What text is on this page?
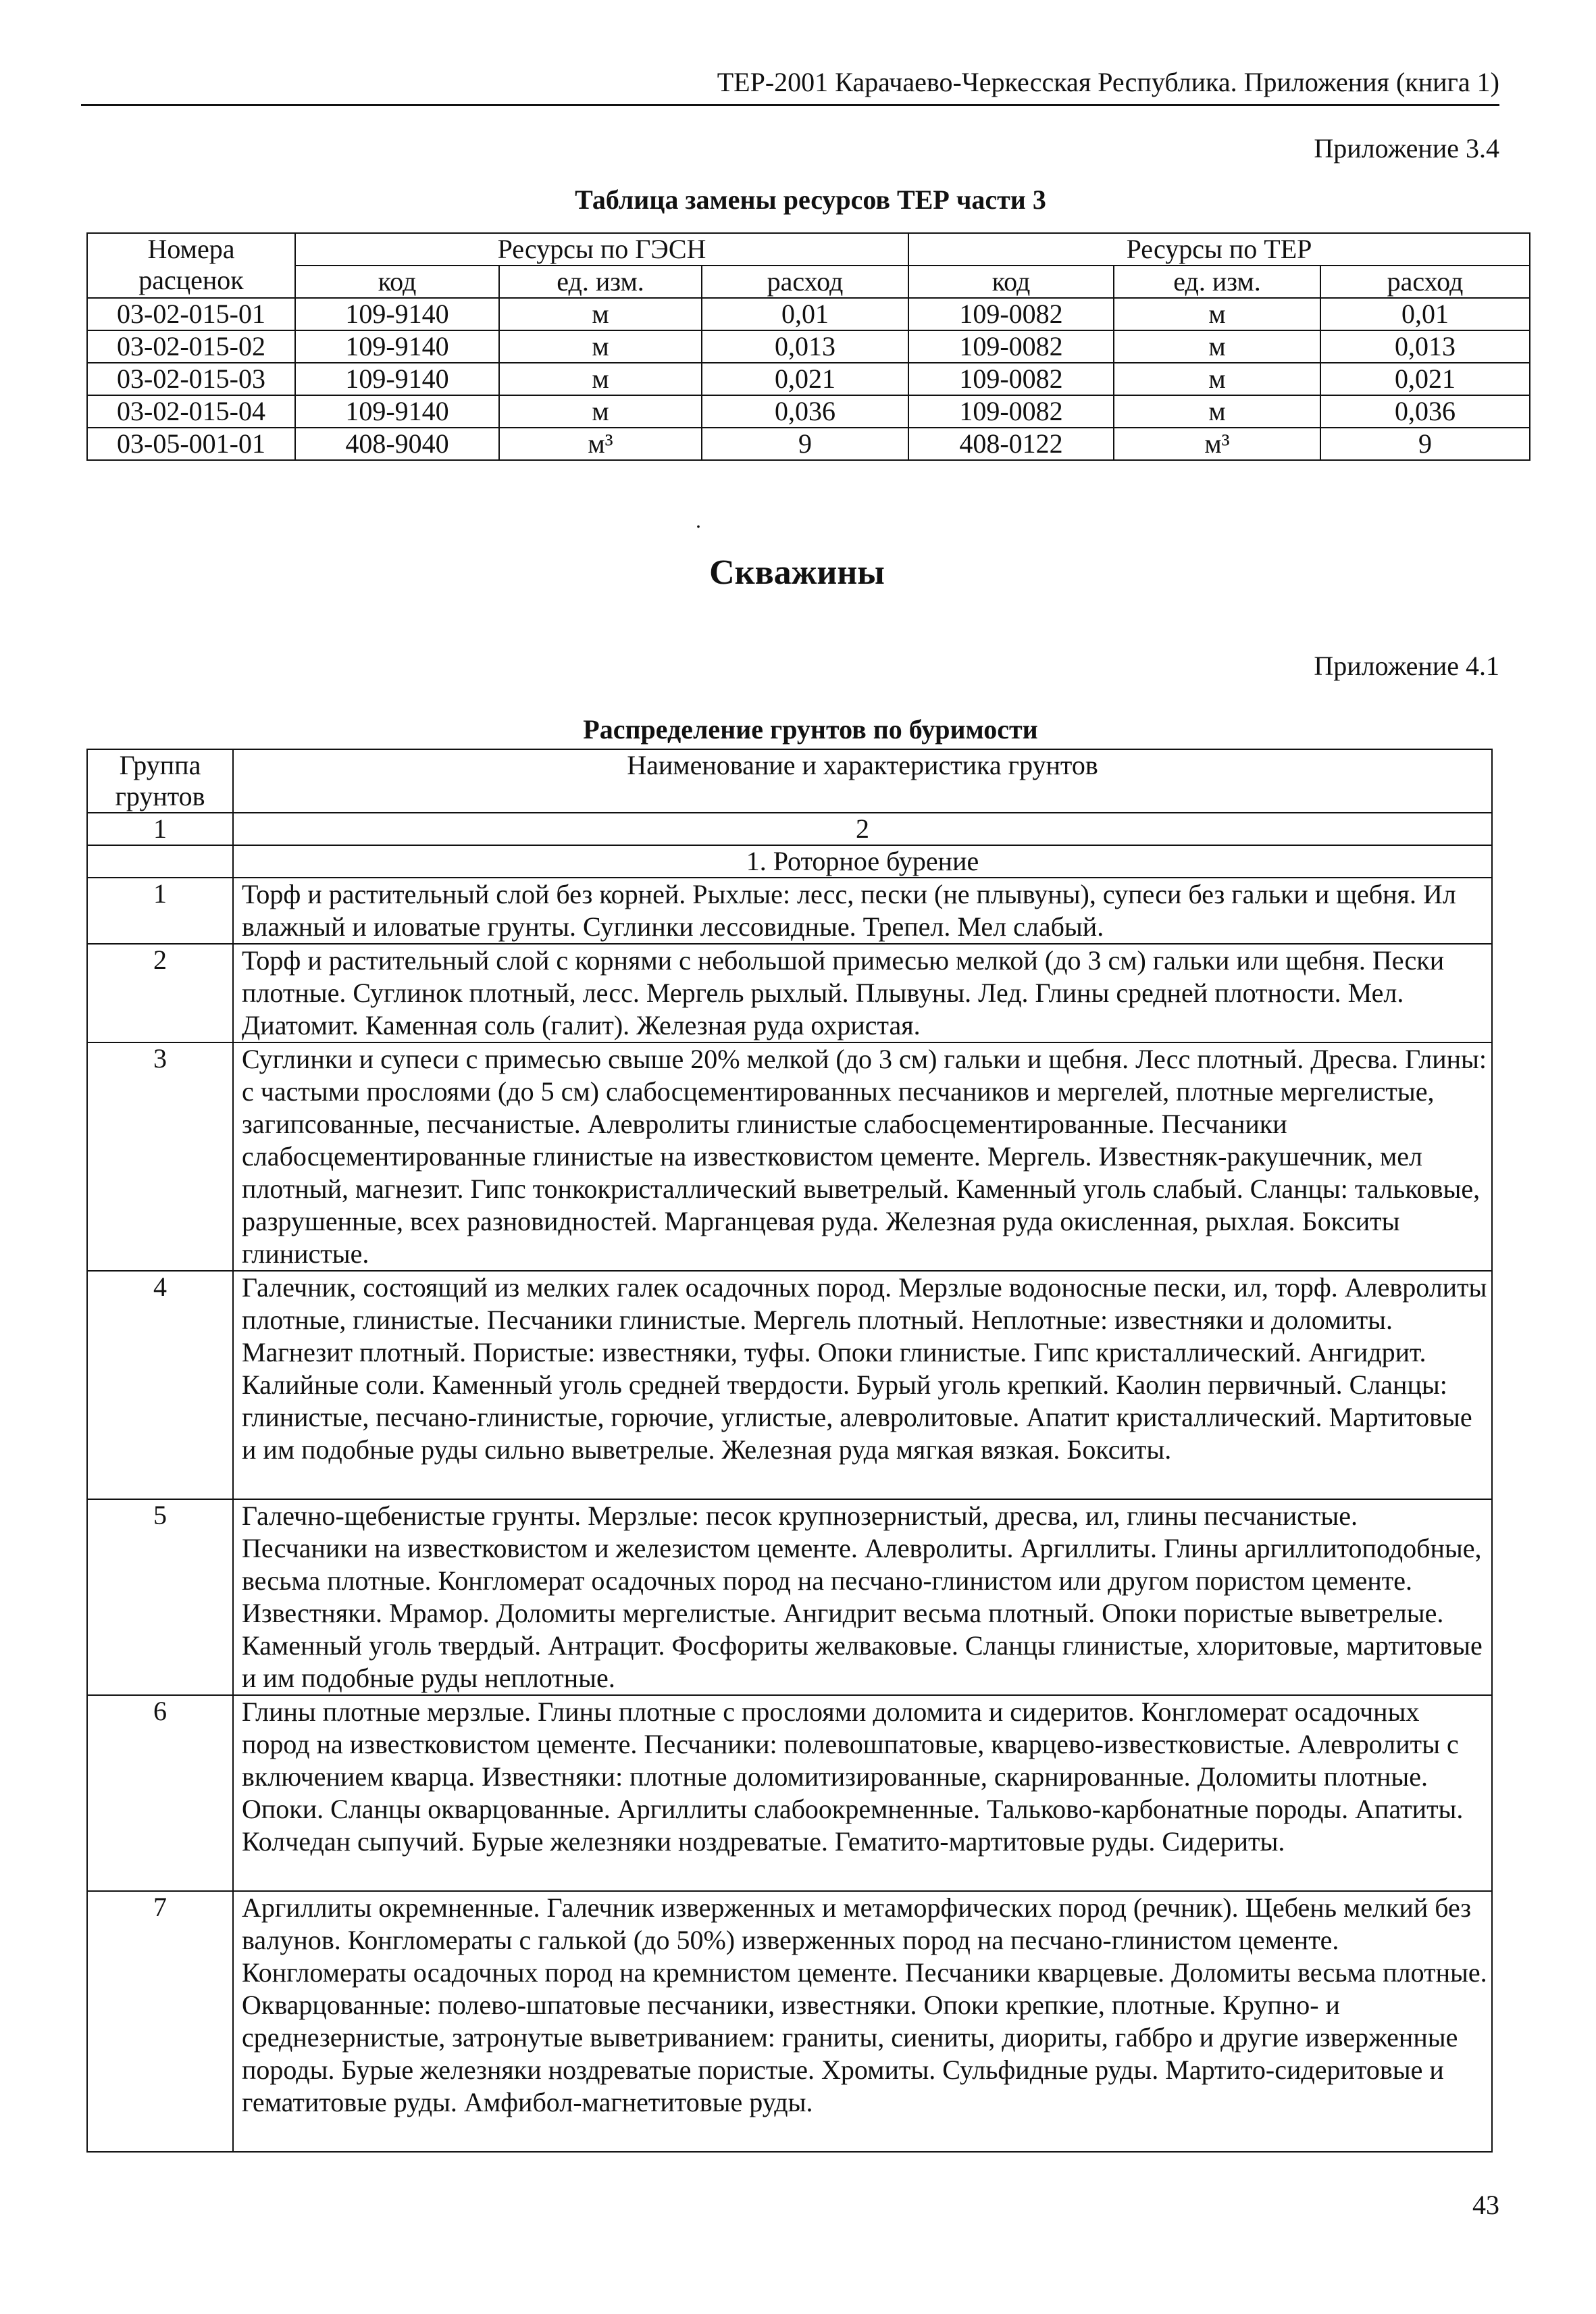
ТЕР-2001 Карачаево-Черкесская Республика. Приложения (книга 1)
Приложение 3.4
Таблица замены ресурсов ТЕР части 3
Номера
расценок	Ресурсы по ГЭСН			Ресурсы по ТЕР		
	код	ед. изм.	расход	код	ед. изм.	расход
03-02-015-01	109-9140	м	0,01	109-0082	м	0,01
03-02-015-02	109-9140	м	0,013	109-0082	м	0,013
03-02-015-03	109-9140	м	0,021	109-0082	м	0,021
03-02-015-04	109-9140	м	0,036	109-0082	м	0,036
03-05-001-01	408-9040	м³	9	408-0122	м³	9
.
Скважины
Приложение 4.1
Распределение грунтов по буримости
Группа
грунтов	Наименование и характеристика грунтов
1	2
	1. Роторное бурение
1	Торф и растительный слой без корней. Рыхлые: лесс, пески (не плывуны), супеси без гальки и щебня. Ил влажный и иловатые грунты. Суглинки лессовидные. Трепел. Мел слабый.
2	Торф и растительный слой с корнями с небольшой примесью мелкой (до 3 см) гальки или щебня. Пески плотные. Суглинок плотный, лесс. Мергель рыхлый. Плывуны. Лед. Глины средней плотности. Мел. Диатомит. Каменная соль (галит). Железная руда охристая.
3	Суглинки и супеси с примесью свыше 20% мелкой (до 3 см) гальки и щебня. Лесс плотный. Дресва. Глины: с частыми прослоями (до 5 см) слабосцементированных песчаников и мергелей, плотные мергелистые, загипсованные, песчанистые. Алевролиты глинистые слабосцементированные. Песчаники слабосцементированные глинистые на известковистом цементе. Мергель. Известняк-ракушечник, мел плотный, магнезит. Гипс тонкокристаллический выветрелый. Каменный уголь слабый. Сланцы: тальковые, разрушенные, всех разновидностей. Марганцевая руда. Железная руда окисленная, рыхлая. Бокситы глинистые.
4	Галечник, состоящий из мелких галек осадочных пород. Мерзлые водоносные пески, ил, торф. Алевролиты плотные, глинистые. Песчаники глинистые. Мергель плотный. Неплотные: известняки и доломиты. Магнезит плотный. Пористые: известняки, туфы. Опоки глинистые. Гипс кристаллический. Ангидрит. Калийные соли. Каменный уголь средней твердости. Бурый уголь крепкий. Каолин первичный. Сланцы: глинистые, песчано-глинистые, горючие, углистые, алевролитовые. Апатит кристаллический. Мартитовые и им подобные руды сильно выветрелые. Железная руда мягкая вязкая. Бокситы.
5	Галечно-щебенистые грунты. Мерзлые: песок крупнозернистый, дресва, ил, глины песчанистые. Песчаники на известковистом и железистом цементе. Алевролиты. Аргиллиты. Глины аргиллитоподобные, весьма плотные. Конгломерат осадочных пород на песчано-глинистом или другом пористом цементе. Известняки. Мрамор. Доломиты мергелистые. Ангидрит весьма плотный. Опоки пористые выветрелые. Каменный уголь твердый. Антрацит. Фосфориты желваковые. Сланцы глинистые, хлоритовые, мартитовые и им подобные руды неплотные.
6	Глины плотные мерзлые. Глины плотные с прослоями доломита и сидеритов. Конгломерат осадочных пород на известковистом цементе. Песчаники: полевошпатовые, кварцево-известковистые. Алевролиты с включением кварца. Известняки: плотные доломитизированные, скарнированные. Доломиты плотные. Опоки. Сланцы окварцованные. Аргиллиты слабоокремненные. Тальково-карбонатные породы. Апатиты. Колчедан сыпучий. Бурые железняки ноздреватые. Гематито-мартитовые руды. Сидериты.
7	Аргиллиты окремненные. Галечник изверженных и метаморфических пород (речник). Щебень мелкий без валунов. Конгломераты с галькой (до 50%) изверженных пород на песчано-глинистом цементе. Конгломераты осадочных пород на кремнистом цементе. Песчаники кварцевые. Доломиты весьма плотные. Окварцованные: полево-шпатовые песчаники, известняки. Опоки крепкие, плотные. Крупно- и среднезернистые, затронутые выветриванием: граниты, сиениты, диориты, габбро и другие изверженные породы. Бурые железняки ноздреватые пористые. Хромиты. Сульфидные руды. Мартито-сидеритовые и гематитовые руды. Амфибол-магнетитовые руды.
43
